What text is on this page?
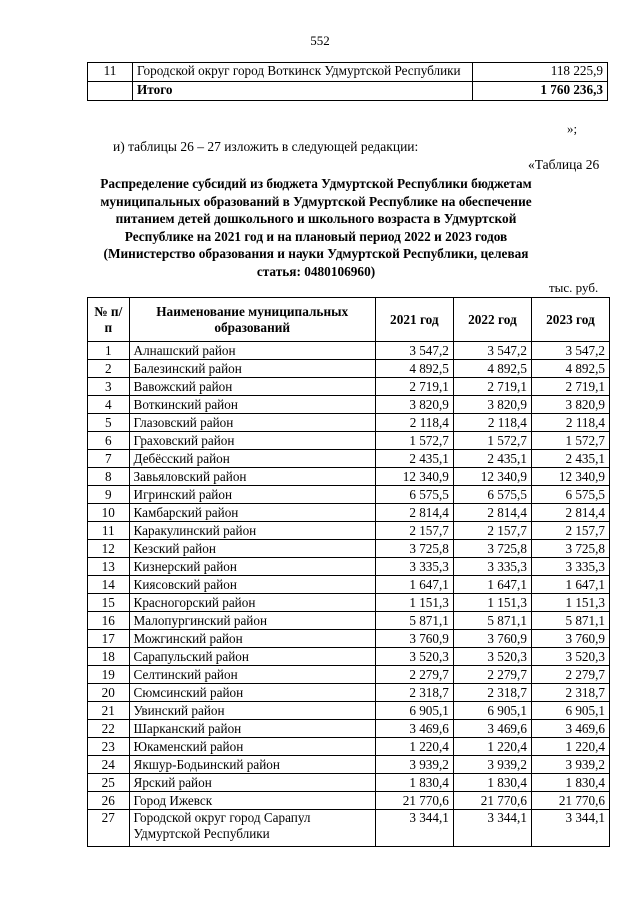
552
11	Городской округ город Воткинск Удмуртской Республики	118 225,9
	Итого	1 760 236,3
»;
и) таблицы 26 – 27 изложить в следующей редакции:
«Таблица 26
Распределение субсидий из бюджета Удмуртской Республики бюджетам муниципальных образований в Удмуртской Республике на обеспечение питанием детей дошкольного и школьного возраста в Удмуртской Республике на 2021 год и на плановый период 2022 и 2023 годов (Министерство образования и науки Удмуртской Республики, целевая статья: 0480106960)
тыс. руб.
№ п/п	Наименование муниципальных образований	2021 год	2022 год	2023 год
1	Алнашский район	3 547,2	3 547,2	3 547,2
2	Балезинский район	4 892,5	4 892,5	4 892,5
3	Вавожский район	2 719,1	2 719,1	2 719,1
4	Воткинский район	3 820,9	3 820,9	3 820,9
5	Глазовский район	2 118,4	2 118,4	2 118,4
6	Граховский район	1 572,7	1 572,7	1 572,7
7	Дебёсский район	2 435,1	2 435,1	2 435,1
8	Завьяловский район	12 340,9	12 340,9	12 340,9
9	Игринский район	6 575,5	6 575,5	6 575,5
10	Камбарский район	2 814,4	2 814,4	2 814,4
11	Каракулинский район	2 157,7	2 157,7	2 157,7
12	Кезский район	3 725,8	3 725,8	3 725,8
13	Кизнерский район	3 335,3	3 335,3	3 335,3
14	Киясовский район	1 647,1	1 647,1	1 647,1
15	Красногорский район	1 151,3	1 151,3	1 151,3
16	Малопургинский район	5 871,1	5 871,1	5 871,1
17	Можгинский район	3 760,9	3 760,9	3 760,9
18	Сарапульский район	3 520,3	3 520,3	3 520,3
19	Селтинский район	2 279,7	2 279,7	2 279,7
20	Сюмсинский район	2 318,7	2 318,7	2 318,7
21	Увинский район	6 905,1	6 905,1	6 905,1
22	Шарканский район	3 469,6	3 469,6	3 469,6
23	Юкаменский район	1 220,4	1 220,4	1 220,4
24	Якшур-Бодьинский район	3 939,2	3 939,2	3 939,2
25	Ярский район	1 830,4	1 830,4	1 830,4
26	Город Ижевск	21 770,6	21 770,6	21 770,6
27	Городской округ город Сарапул Удмуртской Республики	3 344,1	3 344,1	3 344,1
